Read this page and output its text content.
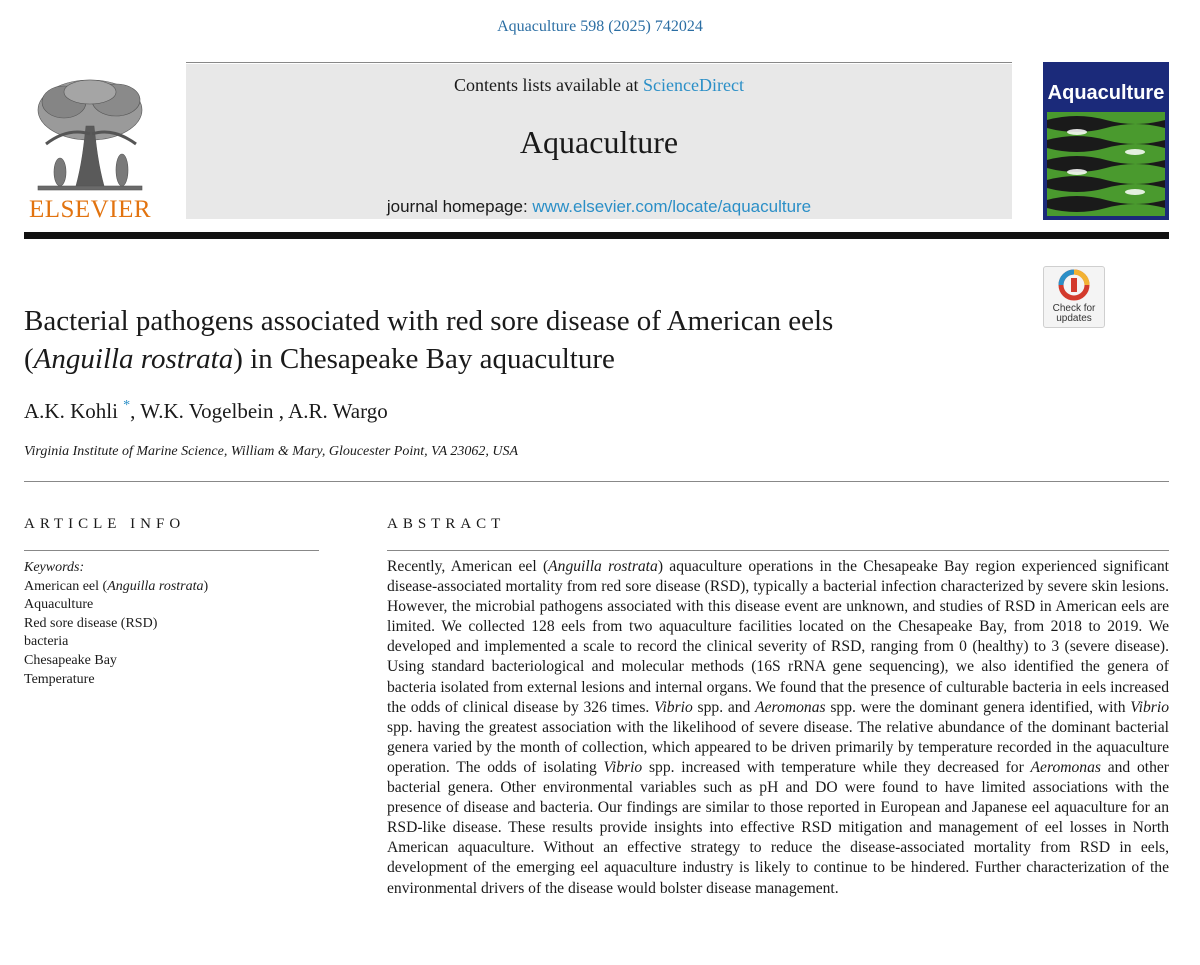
Aquaculture 598 (2025) 742024
ELSEVIER
Contents lists available at ScienceDirect
Aquaculture
journal homepage: www.elsevier.com/locate/aquaculture
Aquaculture
Check for
updates
Bacterial pathogens associated with red sore disease of American eels
(Anguilla rostrata) in Chesapeake Bay aquaculture
A.K. Kohli *, W.K. Vogelbein , A.R. Wargo
Virginia Institute of Marine Science, William & Mary, Gloucester Point, VA 23062, USA
ARTICLE INFO
Keywords:
American eel (Anguilla rostrata)
Aquaculture
Red sore disease (RSD)
bacteria
Chesapeake Bay
Temperature
ABSTRACT

Recently, American eel (Anguilla rostrata) aquaculture operations in the Chesapeake Bay region experienced significant disease-associated mortality from red sore disease (RSD), typically a bacterial infection characterized by severe skin lesions. However, the microbial pathogens associated with this disease event are unknown, and studies of RSD in American eels are limited. We collected 128 eels from two aquaculture facilities located on the Chesapeake Bay, from 2018 to 2019. We developed and implemented a scale to record the clinical severity of RSD, ranging from 0 (healthy) to 3 (severe disease). Using standard bacteriological and molecular methods (16S rRNA gene sequencing), we also identified the genera of bacteria isolated from external lesions and internal organs. We found that the presence of culturable bacteria in eels increased the odds of clinical disease by 326 times. Vibrio spp. and Aeromonas spp. were the dominant genera identified, with Vibrio spp. having the greatest association with the likelihood of severe disease. The relative abundance of the dominant bacterial genera varied by the month of collection, which appeared to be driven primarily by temperature recorded in the aquaculture operation. The odds of isolating Vibrio spp. increased with temperature while they decreased for Aeromonas and other bacterial genera. Other environmental variables such as pH and DO were found to have limited associations with the presence of disease and bacteria. Our findings are similar to those reported in European and Japanese eel aquaculture for an RSD-like disease. These results provide insights into effective RSD mitigation and management of eel losses in North American aquaculture. Without an effective strategy to reduce the disease-associated mortality from RSD in eels, development of the emerging eel aquaculture industry is likely to continue to be hindered. Further characterization of the environmental drivers of the disease would bolster disease management.
